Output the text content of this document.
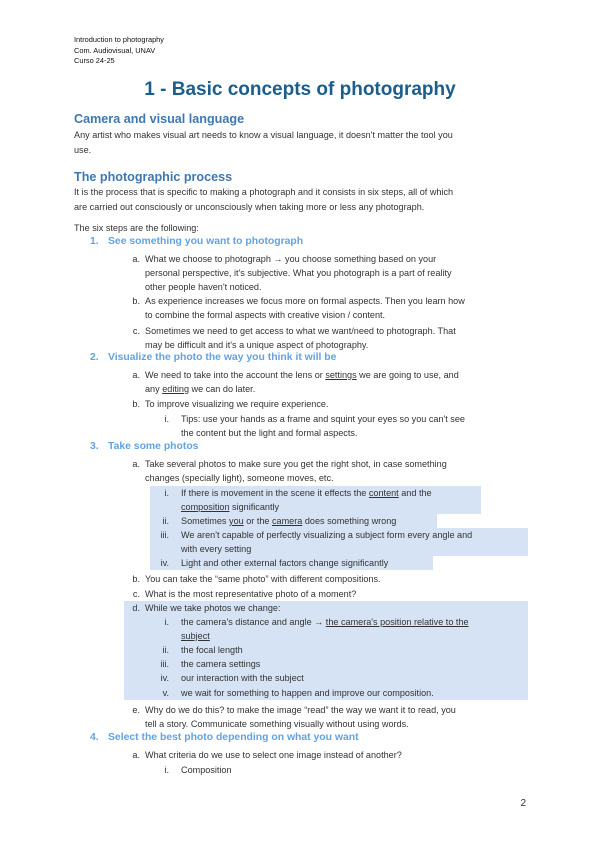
Introduction to photography
Com. Audiovisual, UNAV
Curso 24-25
1 - Basic concepts of photography
Camera and visual language
Any artist who makes visual art needs to know a visual language, it doesn't matter the tool you
use.
The photographic process
It is the process that is specific to making a photograph and it consists in six steps, all of which
are carried out consciously or unconsciously when taking more or less any photograph.
The six steps are the following:
1. See something you want to photograph
a. What we choose to photograph → you choose something based on your
personal perspective, it's subjective. What you photograph is a part of reality
other people haven't noticed.
b. As experience increases we focus more on formal aspects. Then you learn how
to combine the formal aspects with creative vision / content.
c. Sometimes we need to get access to what we want/need to photograph. That
may be difficult and it's a unique aspect of photography.
2. Visualize the photo the way you think it will be
a. We need to take into the account the lens or settings we are going to use, and
any editing we can do later.
b. To improve visualizing we require experience.
i. Tips: use your hands as a frame and squint your eyes so you can't see
the content but the light and formal aspects.
3. Take some photos
a. Take several photos to make sure you get the right shot, in case something
changes (specially light), someone moves, etc.
i. If there is movement in the scene it effects the content and the
composition significantly
ii. Sometimes you or the camera does something wrong
iii. We aren't capable of perfectly visualizing a subject form every angle and
with every setting
iv. Light and other external factors change significantly
b. You can take the “same photo” with different compositions.
c. What is the most representative photo of a moment?
d. While we take photos we change:
i. the camera's distance and angle → the camera's position relative to the
subject
ii. the focal length
iii. the camera settings
iv. our interaction with the subject
v. we wait for something to happen and improve our composition.
e. Why do we do this? to make the image “read” the way we want it to read, you
tell a story. Communicate something visually without using words.
4. Select the best photo depending on what you want
a. What criteria do we use to select one image instead of another?
i. Composition
2
